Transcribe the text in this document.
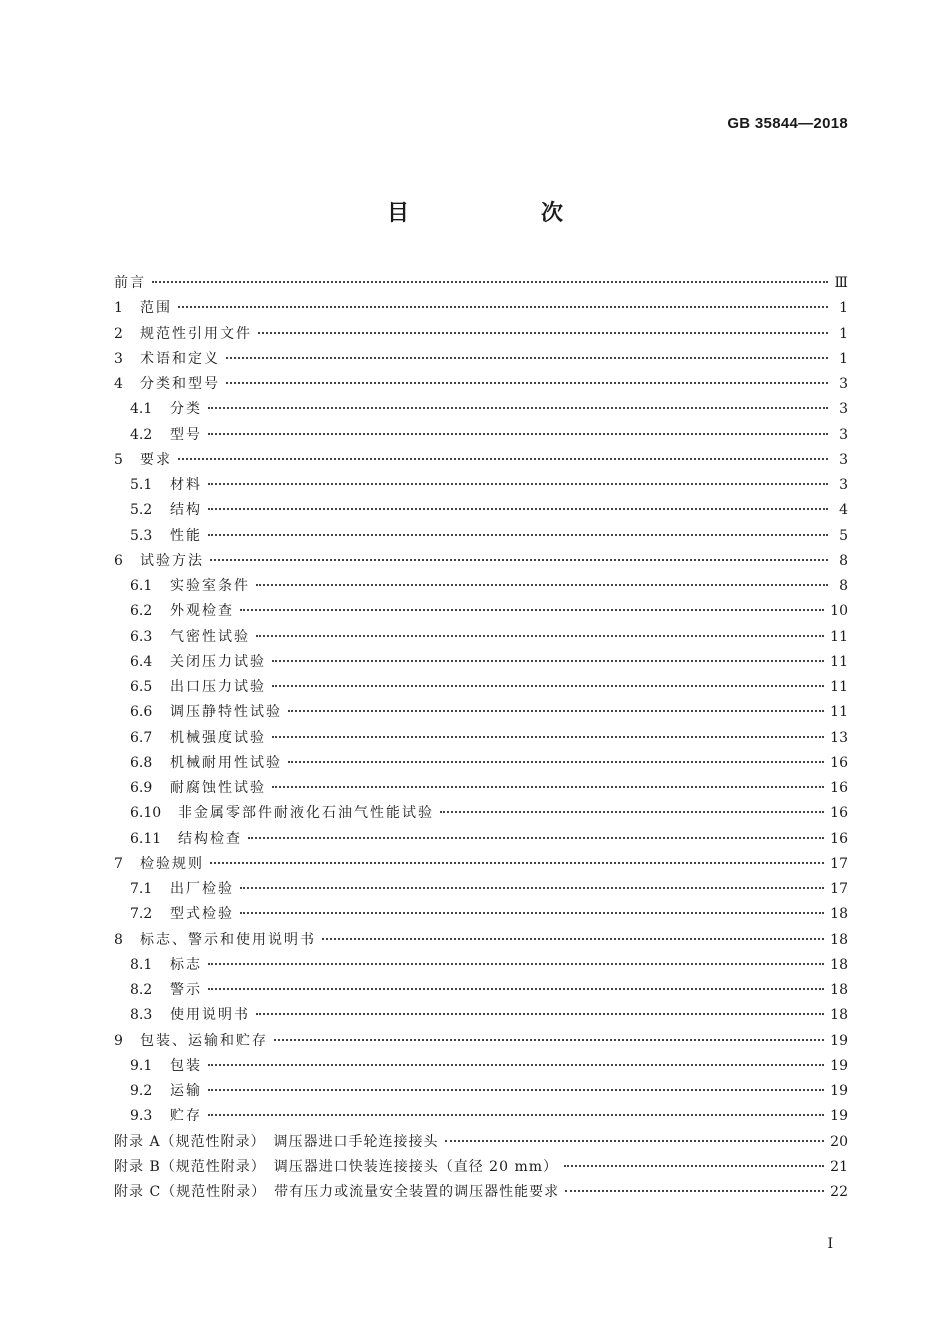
GB 35844—2018
目　次
前言	Ⅲ
1	范围	1
2	规范性引用文件	1
3	术语和定义	1
4	分类和型号	3
4.1	分类	3
4.2	型号	3
5	要求	3
5.1	材料	3
5.2	结构	4
5.3	性能	5
6	试验方法	8
6.1	实验室条件	8
6.2	外观检查	10
6.3	气密性试验	11
6.4	关闭压力试验	11
6.5	出口压力试验	11
6.6	调压静特性试验	11
6.7	机械强度试验	13
6.8	机械耐用性试验	16
6.9	耐腐蚀性试验	16
6.10	非金属零部件耐液化石油气性能试验	16
6.11	结构检查	16
7	检验规则	17
7.1	出厂检验	17
7.2	型式检验	18
8	标志、警示和使用说明书	18
8.1	标志	18
8.2	警示	18
8.3	使用说明书	18
9	包装、运输和贮存	19
9.1	包装	19
9.2	运输	19
9.3	贮存	19
附录 A（规范性附录）　调压器进口手轮连接接头	20
附录 B（规范性附录）　调压器进口快装连接接头（直径 20 mm）	21
附录 C（规范性附录）　带有压力或流量安全装置的调压器性能要求	22
I
